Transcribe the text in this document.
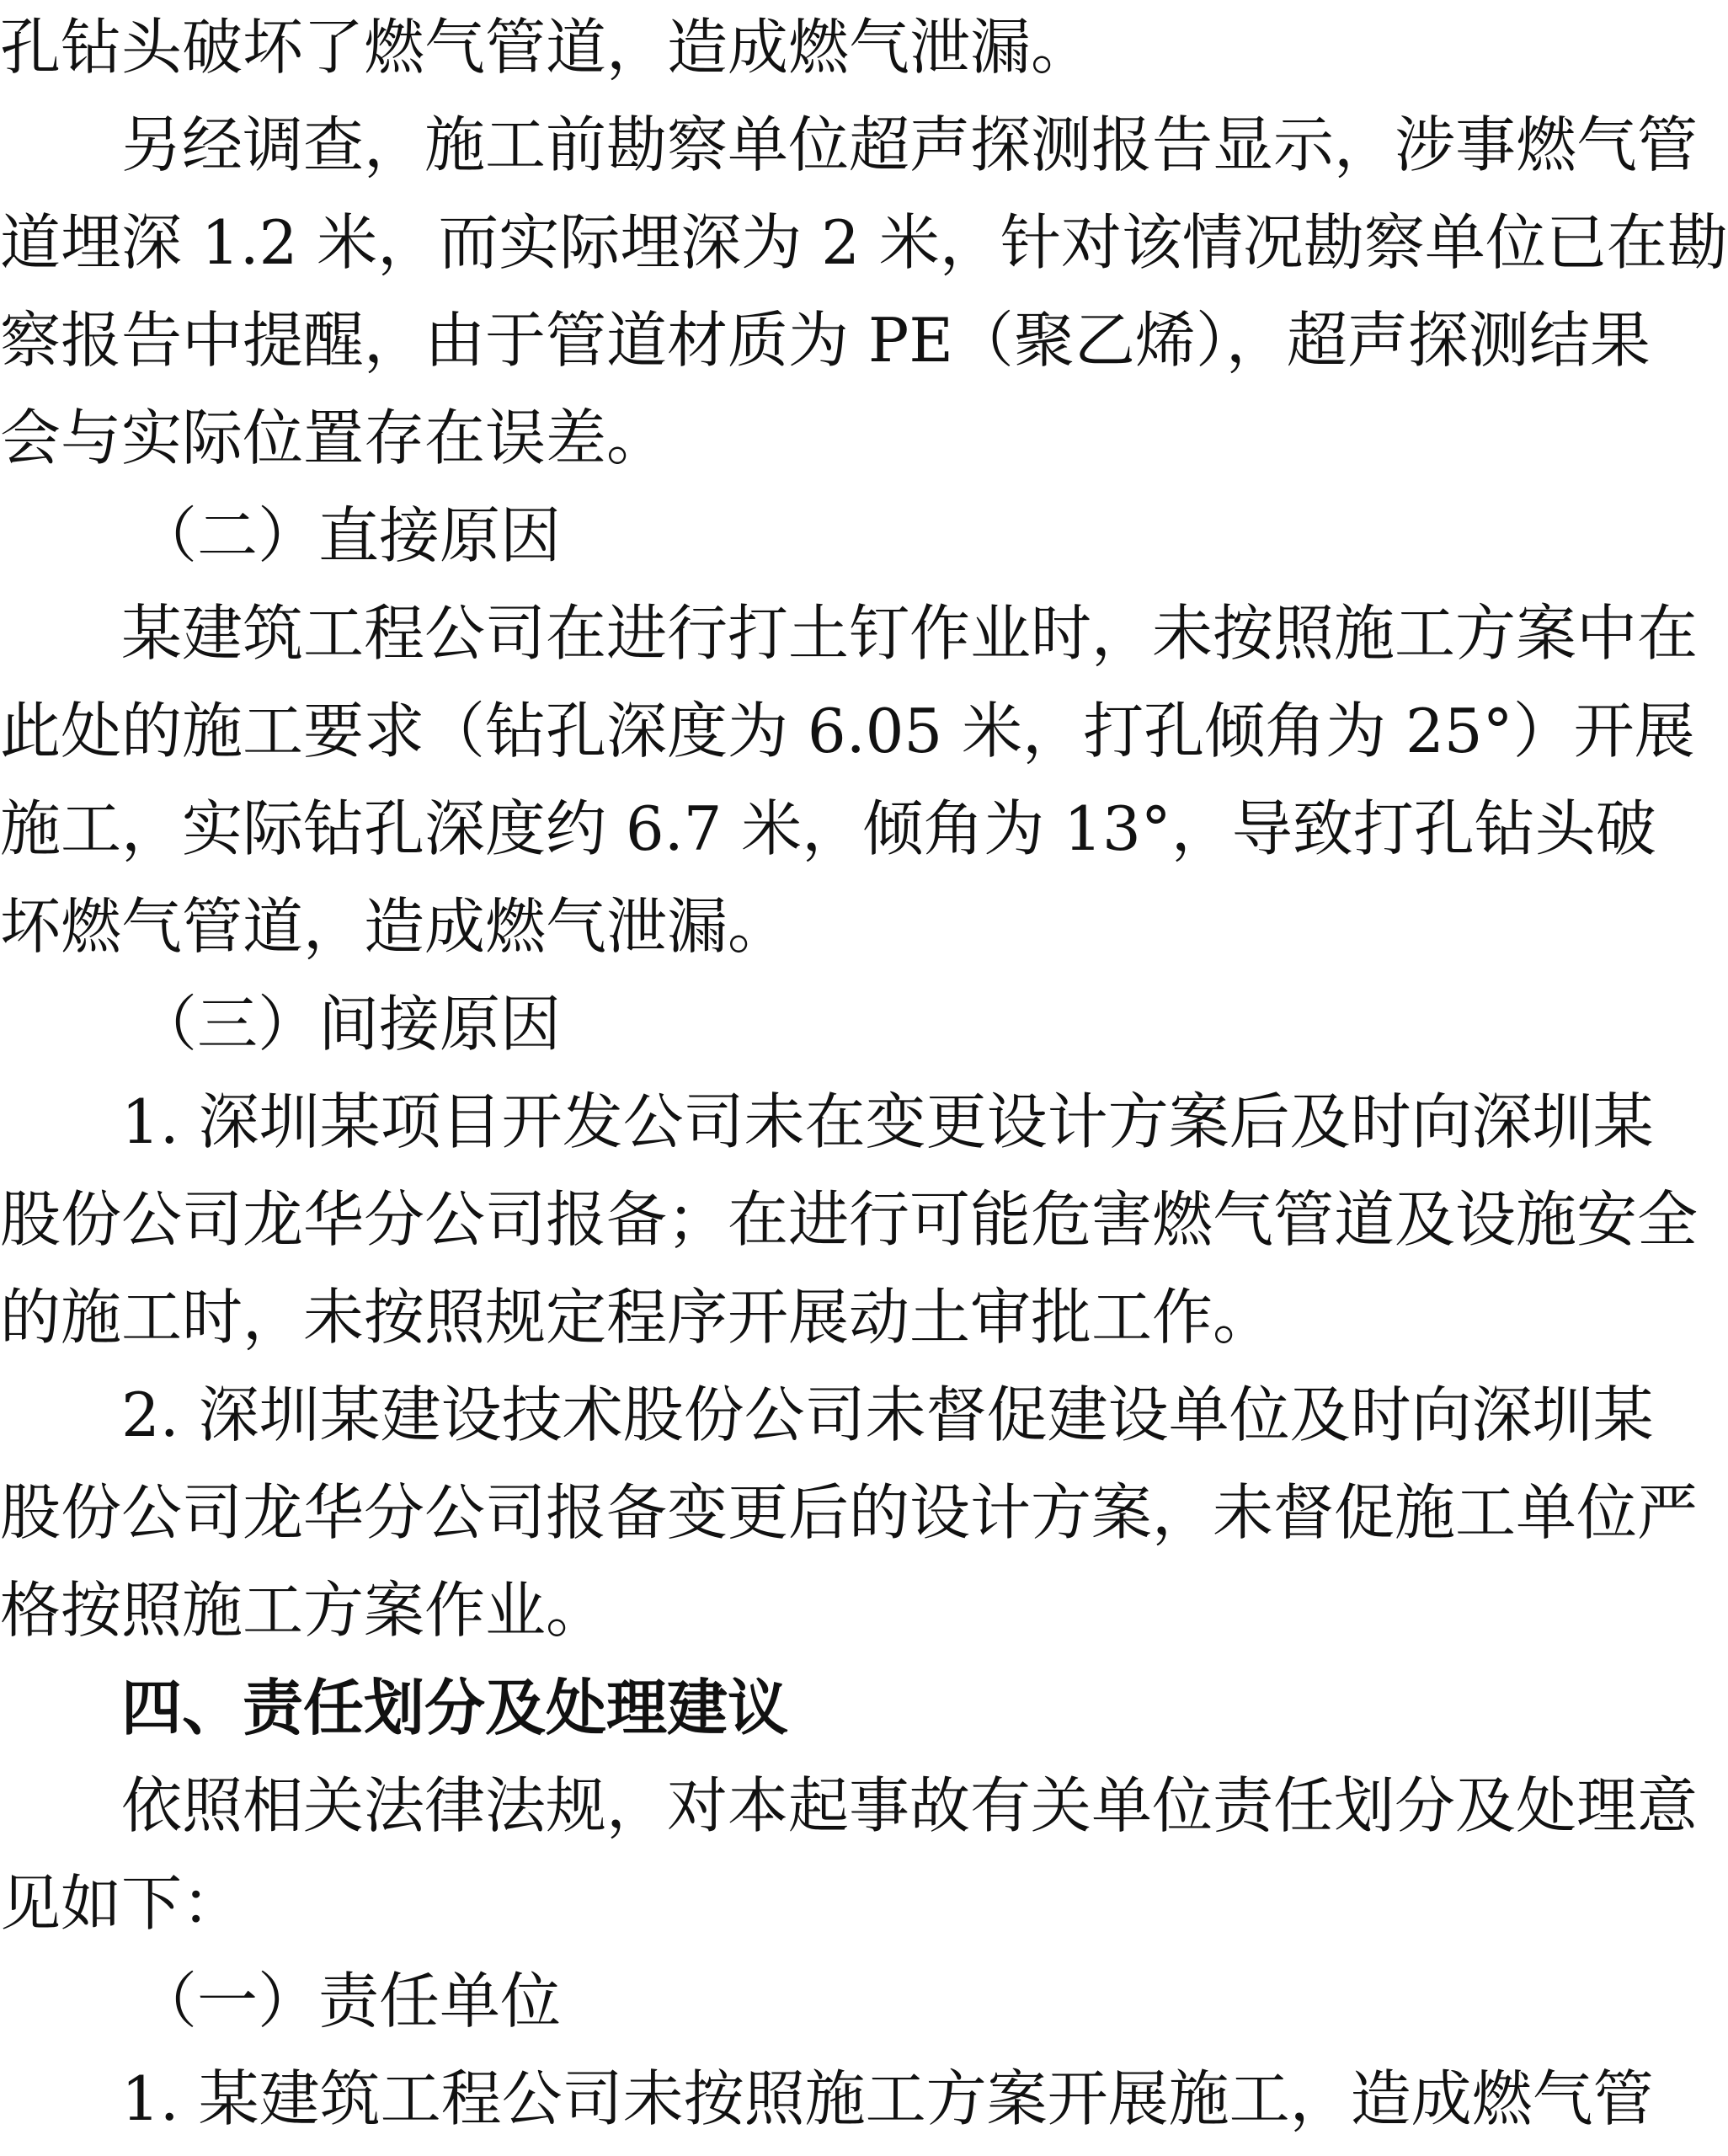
孔钻头破坏了燃气管道，造成燃气泄漏。
另经调查，施工前勘察单位超声探测报告显示，涉事燃气管
道埋深 1.2 米，而实际埋深为 2 米，针对该情况勘察单位已在勘
察报告中提醒，由于管道材质为 PE（聚乙烯），超声探测结果
会与实际位置存在误差。
（二）直接原因
某建筑工程公司在进行打土钉作业时，未按照施工方案中在
此处的施工要求（钻孔深度为 6.05 米，打孔倾角为 25°）开展
施工，实际钻孔深度约 6.7 米，倾角为 13°，导致打孔钻头破
坏燃气管道，造成燃气泄漏。
（三）间接原因
1. 深圳某项目开发公司未在变更设计方案后及时向深圳某
股份公司龙华分公司报备；在进行可能危害燃气管道及设施安全
的施工时，未按照规定程序开展动土审批工作。
2. 深圳某建设技术股份公司未督促建设单位及时向深圳某
股份公司龙华分公司报备变更后的设计方案，未督促施工单位严
格按照施工方案作业。
四、责任划分及处理建议
依照相关法律法规，对本起事故有关单位责任划分及处理意
见如下：
（一）责任单位
1. 某建筑工程公司未按照施工方案开展施工，造成燃气管
